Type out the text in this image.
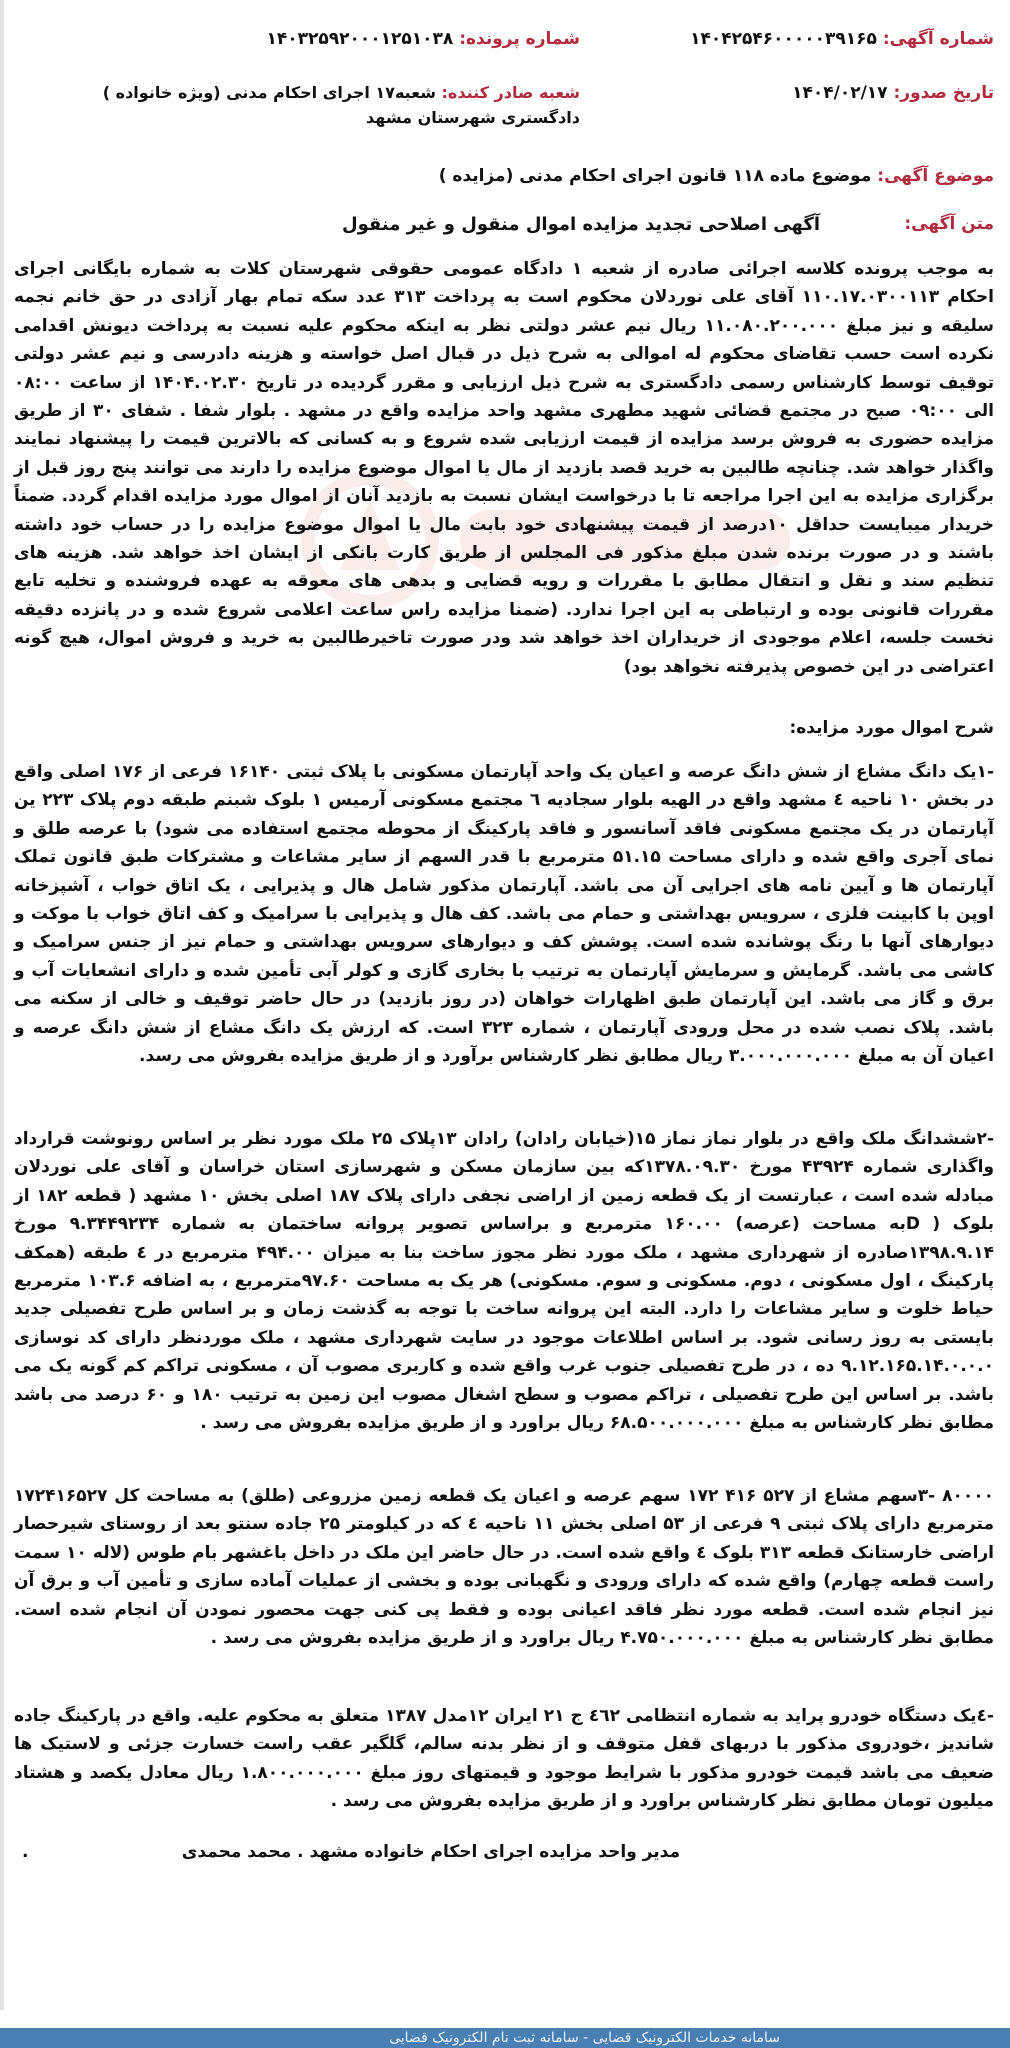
شماره آگهی: ۱۴۰۴۲۵۴۶۰۰۰۰۰۳۹۱۶۵
شماره پرونده: ۱۴۰۳۲۵۹۲۰۰۰۱۲۵۱۰۳۸
تاریخ صدور: ۱۴۰۴/۰۲/۱۷
شعبه صادر کننده: شعبه۱۷ اجرای احکام مدنی (ویژه خانواده ) دادگستری شهرستان مشهد
موضوع آگهی: موضوع ماده ۱۱۸ قانون اجرای احکام مدنی (مزایده )
متن آگهی:
آگهی اصلاحی تجدید مزایده اموال منقول و غیر منقول
به موجب پرونده کلاسه اجرائی صادره از شعبه ۱ دادگاه عمومی حقوقی شهرستان کلات به شماره بایگانی اجرای احکام ۱۱۰.۱۷.۰۳۰۰۱۱۳ آقای علی نوردلان محکوم است به پرداخت ۳۱۳ عدد سکه تمام بهار آزادی در حق خانم نجمه سلیقه و نیز مبلغ ۱۱.۰۸۰.۲۰۰.۰۰۰ ریال نیم عشر دولتی نظر به اینکه محکوم علیه نسبت به پرداخت دیونش اقدامی نکرده است حسب تقاضای محکوم له اموالی به شرح ذیل در قبال اصل خواسته و هزینه دادرسی و نیم عشر دولتی توقیف توسط کارشناس رسمی دادگستری به شرح ذیل ارزیابی و مقرر گردیده در تاریخ ۱۴۰۴.۰۲.۳۰ از ساعت ۰۸:۰۰ الی ۰۹:۰۰ صبح در مجتمع قضائی شهید مطهری مشهد واحد مزایده واقع در مشهد . بلوار شفا . شفای ۳۰ از طریق مزایده حضوری به فروش برسد مزایده از قیمت ارزیابی شده شروع و به کسانی که بالاترین قیمت را پیشنهاد نمایند واگذار خواهد شد. چنانچه طالبین به خرید قصد بازدید از مال یا اموال موضوع مزایده را دارند می توانند پنج روز قبل از برگزاری مزایده به این اجرا مراجعه تا با درخواست ایشان نسبت به بازدید آنان از اموال مورد مزایده اقدام گردد. ضمناً خریدار میبایست حداقل ۱۰درصد از قیمت پیشنهادی خود بابت مال یا اموال موضوع مزایده را در حساب خود داشته باشند و در صورت برنده شدن مبلغ مذکور فی المجلس از طریق کارت بانکی از ایشان اخذ خواهد شد. هزینه های تنظیم سند و نقل و انتقال مطابق با مقررات و رویه قضایی و بدهی های معوقه به عهده فروشنده و تخلیه تابع مقررات قانونی بوده و ارتباطی به این اجرا ندارد. (ضمنا مزایده راس ساعت اعلامی شروع شده و در پانزده دقیقه نخست جلسه، اعلام موجودی از خریداران اخذ خواهد شد ودر صورت تاخیرطالبین به خرید و فروش اموال، هیچ گونه اعتراضی در این خصوص پذیرفته نخواهد بود)
شرح اموال مورد مزایده:
-۱یک دانگ مشاع از شش دانگ عرصه و اعیان یک واحد آپارتمان مسکونی با پلاک ثبتی ۱۶۱۴۰ فرعی از ۱۷۶ اصلی واقع در بخش ۱۰ ناحیه ٤ مشهد واقع در الهیه بلوار سجادیه ٦ مجتمع مسکونی آرمیس ۱ بلوک شبنم طبقه دوم پلاک ۲۲۳ ین آپارتمان در یک مجتمع مسکونی فاقد آسانسور و فاقد پارکینگ از محوطه مجتمع استفاده می شود) با عرصه طلق و نمای آجری واقع شده و دارای مساحت ۵۱.۱۵ مترمربع با قدر السهم از سایر مشاعات و مشترکات طبق قانون تملک آپارتمان ها و آیین نامه های اجرایی آن می باشد. آپارتمان مذکور شامل هال و پذیرایی ، یک اتاق خواب ، آشپزخانه اوپن با کابینت فلزی ، سرویس بهداشتی و حمام می باشد. کف هال و پذیرایی با سرامیک و کف اتاق خواب با موکت و دیوارهای آنها با رنگ پوشانده شده است. پوشش کف و دیوارهای سرویس بهداشتی و حمام نیز از جنس سرامیک و کاشی می باشد. گرمایش و سرمایش آپارتمان به ترتیب با بخاری گازی و کولر آبی تأمین شده و دارای انشعابات آب و برق و گاز می باشد. این آپارتمان طبق اظهارات خواهان (در روز بازدید) در حال حاضر توقیف و خالی از سکنه می باشد. پلاک نصب شده در محل ورودی آپارتمان ، شماره ۳۲۳ است. که ارزش یک دانگ مشاع از شش دانگ عرصه و اعیان آن به مبلغ ۳.۰۰۰.۰۰۰.۰۰۰ ریال مطابق نظر کارشناس برآورد و از طریق مزایده بفروش می رسد.
-۲ششدانگ ملک واقع در بلوار نماز نماز ۱۵(خیابان رادان) رادان ۱۳پلاک ۲۵ ملک مورد نظر بر اساس رونوشت قرارداد واگذاری شماره ۴۳۹۲۴ مورخ ۱۳۷۸.۰۹.۳۰که بین سازمان مسکن و شهرسازی استان خراسان و آقای علی نوردلان مبادله شده است ، عبارتست از یک قطعه زمین از اراضی نجفی دارای پلاک ۱۸۷ اصلی بخش ۱۰ مشهد ( قطعه ۱۸۲ از بلوک ( Dبه مساحت (عرصه) ۱۶۰.۰۰ مترمربع و براساس تصویر پروانه ساختمان به شماره ۹.۳۴۴۹۲۳۴ مورخ ۱۳۹۸.۹.۱۴صادره از شهرداری مشهد ، ملک مورد نظر مجوز ساخت بنا به میزان ۴۹۴.۰۰ مترمربع در ٤ طبقه (همکف پارکینگ ، اول مسکونی ، دوم. مسکونی و سوم. مسکونی) هر یک به مساحت ۹۷.۶۰مترمربع ، به اضافه ۱۰۳.۶ مترمربع حیاط خلوت و سایر مشاعات را دارد. البته این پروانه ساخت با توجه به گذشت زمان و بر اساس طرح تفصیلی جدید بایستی به روز رسانی شود. بر اساس اطلاعات موجود در سایت شهرداری مشهد ، ملک موردنظر دارای کد نوسازی ۹.۱۲.۱۶۵.۱۴.۰.۰.۰ ده ، در طرح تفصیلی جنوب غرب واقع شده و کاربری مصوب آن ، مسکونی تراکم کم گونه یک می باشد. بر اساس این طرح تفصیلی ، تراکم مصوب و سطح اشغال مصوب این زمین به ترتیب ۱۸۰ و ۶۰ درصد می باشد مطابق نظر کارشناس به مبلغ ۶۸.۵۰۰.۰۰۰.۰۰۰ ریال براورد و از طریق مزایده بفروش می رسد .
۸۰۰۰۰ -۳سهم مشاع از ۵۲۷ ۴۱۶ ۱۷۲ سهم عرصه و اعیان یک قطعه زمین مزروعی (طلق) به مساحت کل ۱۷۲۴۱۶۵۲۷ مترمربع دارای پلاک ثبتی ۹ فرعی از ۵۳ اصلی بخش ۱۱ ناحیه ٤ که در کیلومتر ۲۵ جاده سنتو بعد از روستای شیرحصار اراضی خارستانک قطعه ۳۱۳ بلوک ٤ واقع شده است. در حال حاضر این ملک در داخل باغشهر بام طوس (لاله ۱۰ سمت راست قطعه چهارم) واقع شده که دارای ورودی و نگهبانی بوده و بخشی از عملیات آماده سازی و تأمین آب و برق آن نیز انجام شده است. قطعه مورد نظر فاقد اعیانی بوده و فقط پی کنی جهت محصور نمودن آن انجام شده است. مطابق نظر کارشناس به مبلغ ۴.۷۵۰.۰۰۰.۰۰۰ ریال براورد و از طریق مزایده بفروش می رسد .
-٤یک دستگاه خودرو پراید به شماره انتظامی ٤٦۲ ج ۲۱ ایران ۱۲مدل ۱۳۸۷ متعلق به محکوم علیه. واقع در پارکینگ جاده شاندیز ،خودروی مذکور با دربهای قفل متوقف و از نظر بدنه سالم، گلگیر عقب راست خسارت جزئی و لاستیک ها ضعیف می باشد قیمت خودرو مذکور با شرایط موجود و قیمتهای روز مبلغ ۱.۸۰۰.۰۰۰.۰۰۰ ریال معادل یکصد و هشتاد میلیون تومان مطابق نظر کارشناس براورد و از طریق مزایده بفروش می رسد .
مدیر واحد مزایده اجرای احکام خانواده مشهد . محمد محمدی
.
سامانه خدمات الکترونیک قضایی - سامانه ثبت نام الکترونیک قضایی
